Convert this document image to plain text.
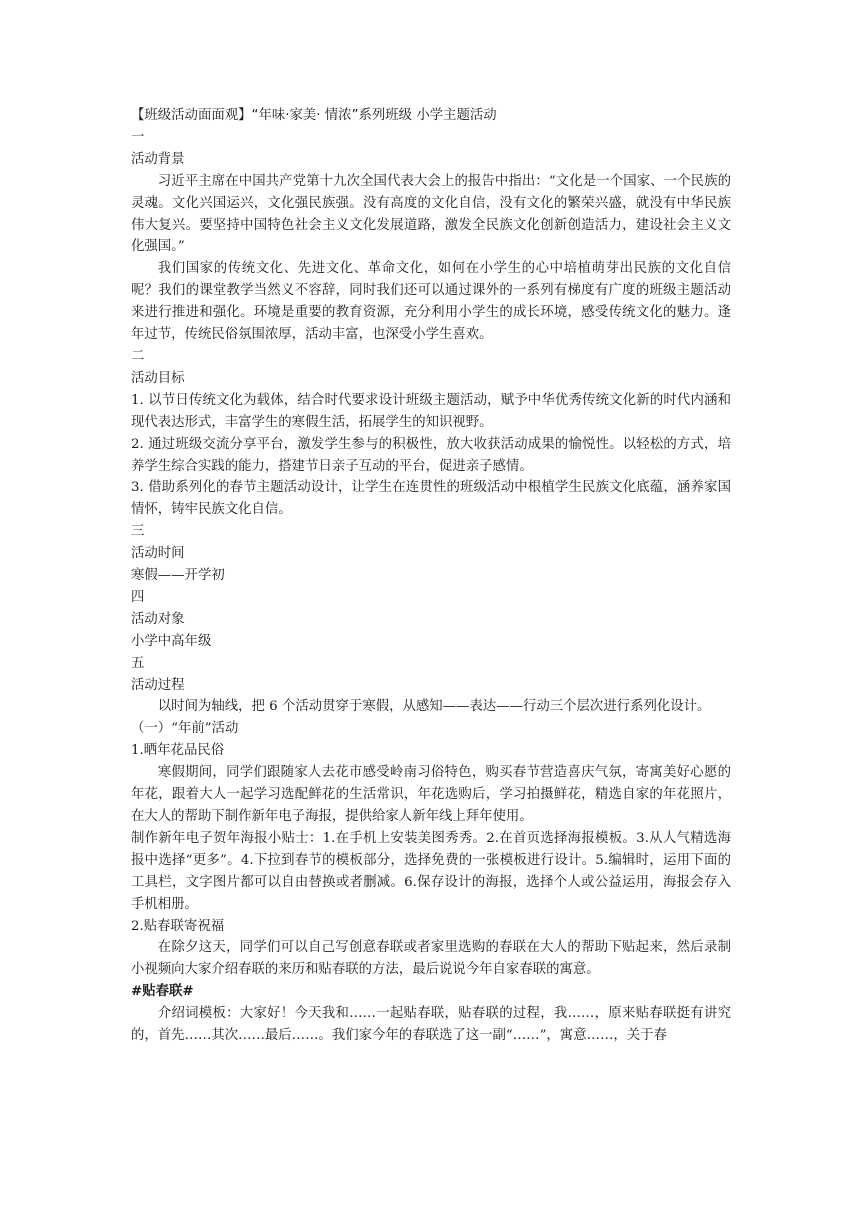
【班级活动面面观】“年味·家美· 情浓”系列班级 小学主题活动

一

活动背景

习近平主席在中国共产党第十九次全国代表大会上的报告中指出：“文化是一个国家、一个民族的灵魂。文化兴国运兴，文化强民族强。没有高度的文化自信，没有文化的繁荣兴盛，就没有中华民族伟大复兴。要坚持中国特色社会主义文化发展道路，激发全民族文化创新创造活力，建设社会主义文化强国。”

我们国家的传统文化、先进文化、革命文化，如何在小学生的心中培植萌芽出民族的文化自信呢？我们的课堂教学当然义不容辞，同时我们还可以通过课外的一系列有梯度有广度的班级主题活动来进行推进和强化。环境是重要的教育资源，充分利用小学生的成长环境，感受传统文化的魅力。逢年过节，传统民俗氛围浓厚，活动丰富，也深受小学生喜欢。

二

活动目标

1. 以节日传统文化为载体，结合时代要求设计班级主题活动，赋予中华优秀传统文化新的时代内涵和现代表达形式，丰富学生的寒假生活，拓展学生的知识视野。

2. 通过班级交流分享平台，激发学生参与的积极性，放大收获活动成果的愉悦性。以轻松的方式，培养学生综合实践的能力，搭建节日亲子互动的平台，促进亲子感情。

3. 借助系列化的春节主题活动设计，让学生在连贯性的班级活动中根植学生民族文化底蕴，涵养家国情怀，铸牢民族文化自信。

三

活动时间

寒假——开学初

四

活动对象

小学中高年级

五

活动过程

以时间为轴线，把 6 个活动贯穿于寒假，从感知——表达——行动三个层次进行系列化设计。

（一）“年前”活动

1.晒年花品民俗

寒假期间，同学们跟随家人去花市感受岭南习俗特色，购买春节营造喜庆气氛，寄寓美好心愿的年花，跟着大人一起学习选配鲜花的生活常识，年花选购后，学习拍摄鲜花，精选自家的年花照片，在大人的帮助下制作新年电子海报，提供给家人新年线上拜年使用。

制作新年电子贺年海报小贴士：1.在手机上安装美图秀秀。2.在首页选择海报模板。3.从人气精选海报中选择“更多”。4.下拉到春节的模板部分，选择免费的一张模板进行设计。5.编辑时，运用下面的工具栏，文字图片都可以自由替换或者删减。6.保存设计的海报，选择个人或公益运用，海报会存入手机相册。

2.贴春联寄祝福

在除夕这天，同学们可以自己写创意春联或者家里选购的春联在大人的帮助下贴起来，然后录制小视频向大家介绍春联的来历和贴春联的方法，最后说说今年自家春联的寓意。

#贴春联#

介绍词模板：大家好！今天我和……一起贴春联，贴春联的过程，我……，原来贴春联挺有讲究的，首先……其次……最后……。我们家今年的春联选了这一副“……”，寓意……，关于春
